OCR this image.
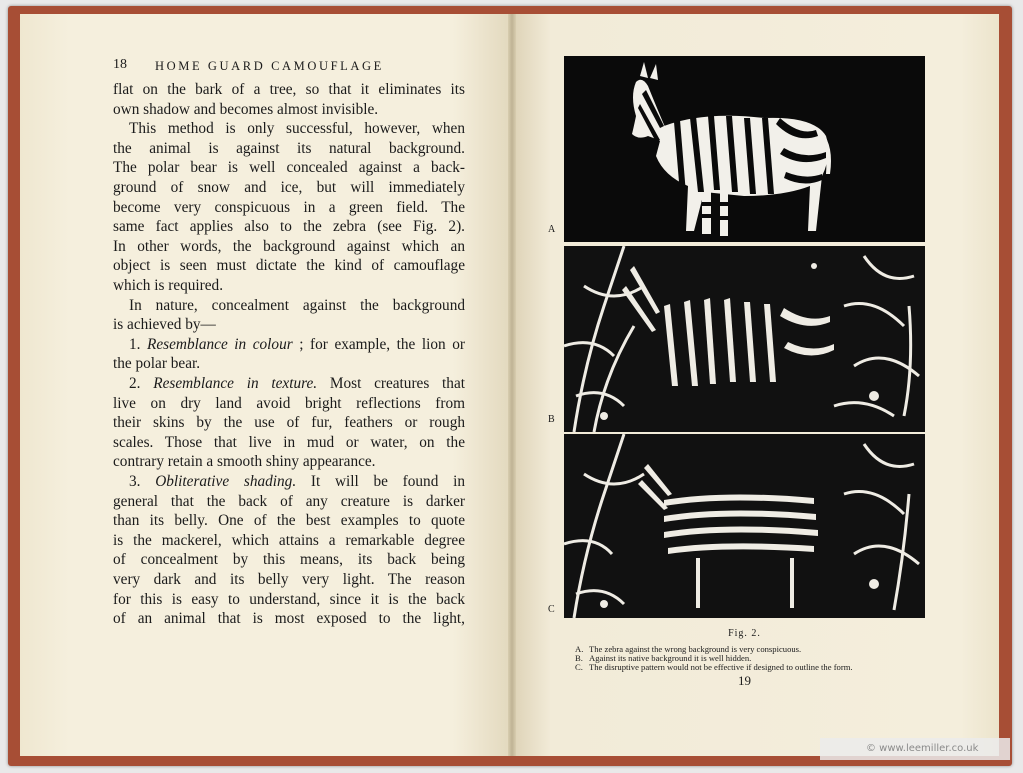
18 HOME GUARD CAMOUFLAGE
flat on the bark of a tree, so that it eliminates its
own shadow and becomes almost invisible.
This method is only successful, however, when
the animal is against its natural background.
The polar bear is well concealed against a back-
ground of snow and ice, but will immediately
become very conspicuous in a green field. The
same fact applies also to the zebra (see Fig. 2).
In other words, the background against which an
object is seen must dictate the kind of camouflage
which is required.
In nature, concealment against the background
is achieved by—
1. Resemblance in colour ; for example, the lion or
the polar bear.
2. Resemblance in texture. Most creatures that
live on dry land avoid bright reflections from
their skins by the use of fur, feathers or rough
scales. Those that live in mud or water, on the
contrary retain a smooth shiny appearance.
3. Obliterative shading. It will be found in
general that the back of any creature is darker
than its belly. One of the best examples to quote
is the mackerel, which attains a remarkable degree
of concealment by this means, its back being
very dark and its belly very light. The reason
for this is easy to understand, since it is the back
of an animal that is most exposed to the light,
A
B
C
Fig. 2.
A. The zebra against the wrong background is very conspicuous.
B. Against its native background it is well hidden.
C. The disruptive pattern would not be effective if designed to outline the form.
19
© www.leemiller.co.uk
